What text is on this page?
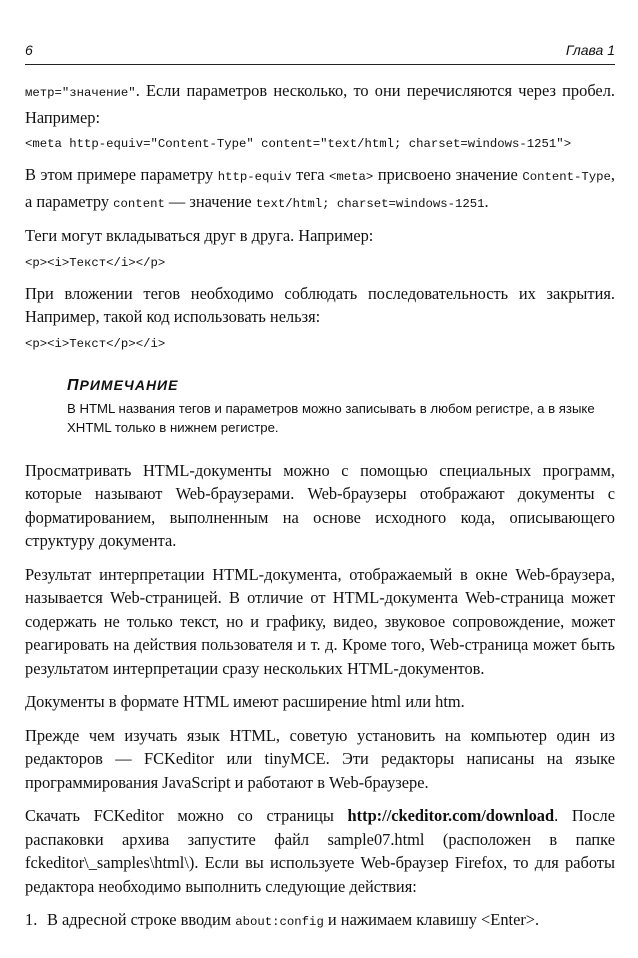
6	Глава 1

метр="значение". Если параметров несколько, то они перечисляются через пробел. Например:

<meta http-equiv="Content-Type" content="text/html; charset=windows-1251">

В этом примере параметру http-equiv тега <meta> присвоено значение Content-Type, а параметру content — значение text/html; charset=windows-1251.

Теги могут вкладываться друг в друга. Например:

<p><i>Текст</i></p>

При вложении тегов необходимо соблюдать последовательность их закрытия. Например, такой код использовать нельзя:

<p><i>Текст</p></i>

ПРИМЕЧАНИЕ
В HTML названия тегов и параметров можно записывать в любом регистре, а в языке XHTML только в нижнем регистре.

Просматривать HTML-документы можно с помощью специальных программ, которые называют Web-браузерами. Web-браузеры отображают документы с форматированием, выполненным на основе исходного кода, описывающего структуру документа.

Результат интерпретации HTML-документа, отображаемый в окне Web-браузера, называется Web-страницей. В отличие от HTML-документа Web-страница может содержать не только текст, но и графику, видео, звуковое сопровождение, может реагировать на действия пользователя и т. д. Кроме того, Web-страница может быть результатом интерпретации сразу нескольких HTML-документов.

Документы в формате HTML имеют расширение html или htm.

Прежде чем изучать язык HTML, советую установить на компьютер один из редакторов — FCKeditor или tinyMCE. Эти редакторы написаны на языке программирования JavaScript и работают в Web-браузере.

Скачать FCKeditor можно со страницы http://ckeditor.com/download. После распаковки архива запустите файл sample07.html (расположен в папке fckeditor\_samples\html\). Если вы используете Web-браузер Firefox, то для работы редактора необходимо выполнить следующие действия:

1. В адресной строке вводим about:config и нажимаем клавишу <Enter>.
